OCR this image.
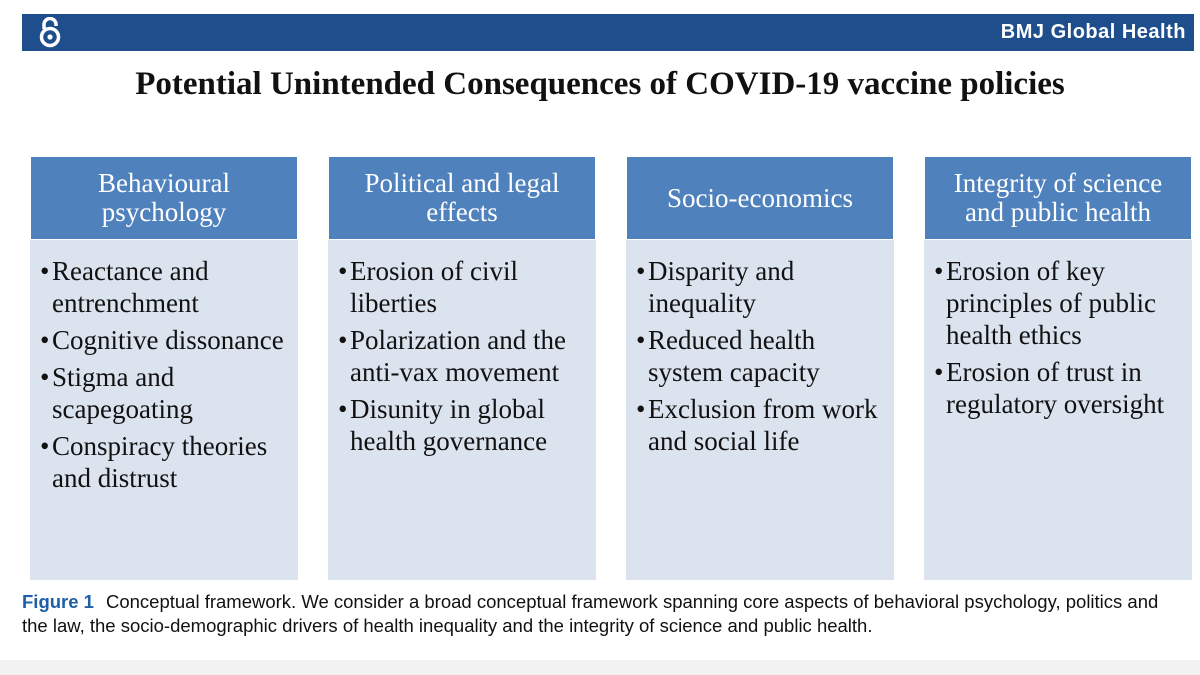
BMJ Global Health
Potential Unintended Consequences of COVID-19 vaccine policies
• Reactance and entrenchment
• Cognitive dissonance
• Stigma and scapegoating
• Conspiracy theories and distrust
Behavioural psychology
• Erosion of civil liberties
• Polarization and the anti-vax movement
• Disunity in global health governance
Political and legal effects
• Disparity and inequality
• Reduced health system capacity
• Exclusion from work and social life
Socio-economics
• Erosion of key principles of public health ethics
• Erosion of trust in regulatory oversight
Integrity of science and public health
Figure 1 Conceptual framework. We consider a broad conceptual framework spanning core aspects of behavioral psychology, politics and the law, the socio-demographic drivers of health inequality and the integrity of science and public health.
